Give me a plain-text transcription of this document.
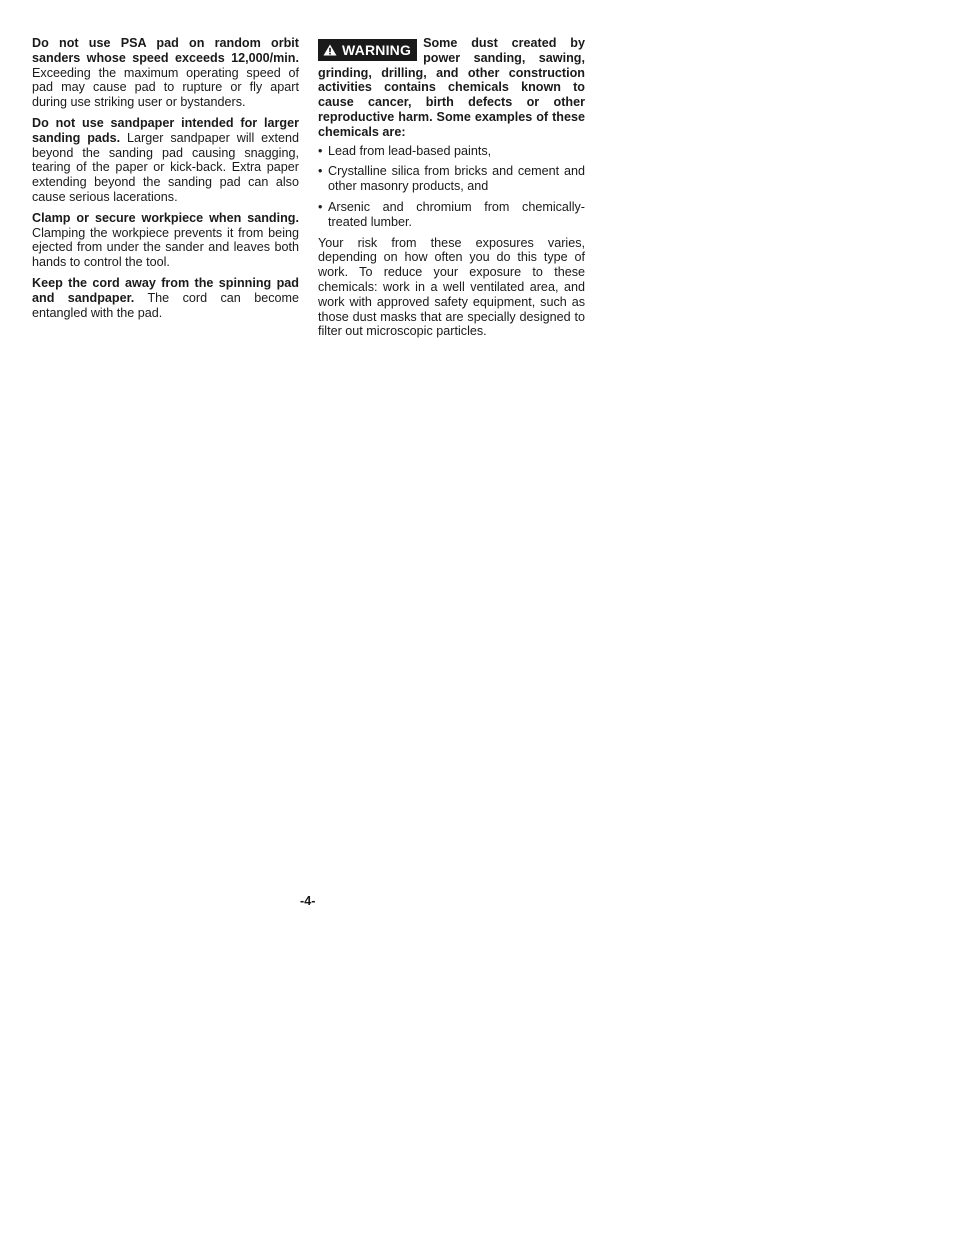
Do not use PSA pad on random orbit sanders whose speed exceeds 12,000/min. Exceeding the maximum operating speed of pad may cause pad to rupture or fly apart during use striking user or bystanders.

Do not use sandpaper intended for larger sanding pads. Larger sandpaper will extend beyond the sanding pad causing snagging, tearing of the paper or kick-back. Extra paper extending beyond the sanding pad can also cause serious lacerations.

Clamp or secure workpiece when sanding. Clamping the workpiece prevents it from being ejected from under the sander and leaves both hands to control the tool.

Keep the cord away from the spinning pad and sandpaper. The cord can become entangled with the pad.

WARNING Some dust created by power sanding, sawing, grinding, drilling, and other construction activities contains chemicals known to cause cancer, birth defects or other reproductive harm. Some examples of these chemicals are:
• Lead from lead-based paints,
• Crystalline silica from bricks and cement and other masonry products, and
• Arsenic and chromium from chemically-treated lumber.

Your risk from these exposures varies, depending on how often you do this type of work. To reduce your exposure to these chemicals: work in a well ventilated area, and work with approved safety equipment, such as those dust masks that are specially designed to filter out microscopic particles.

-4-
